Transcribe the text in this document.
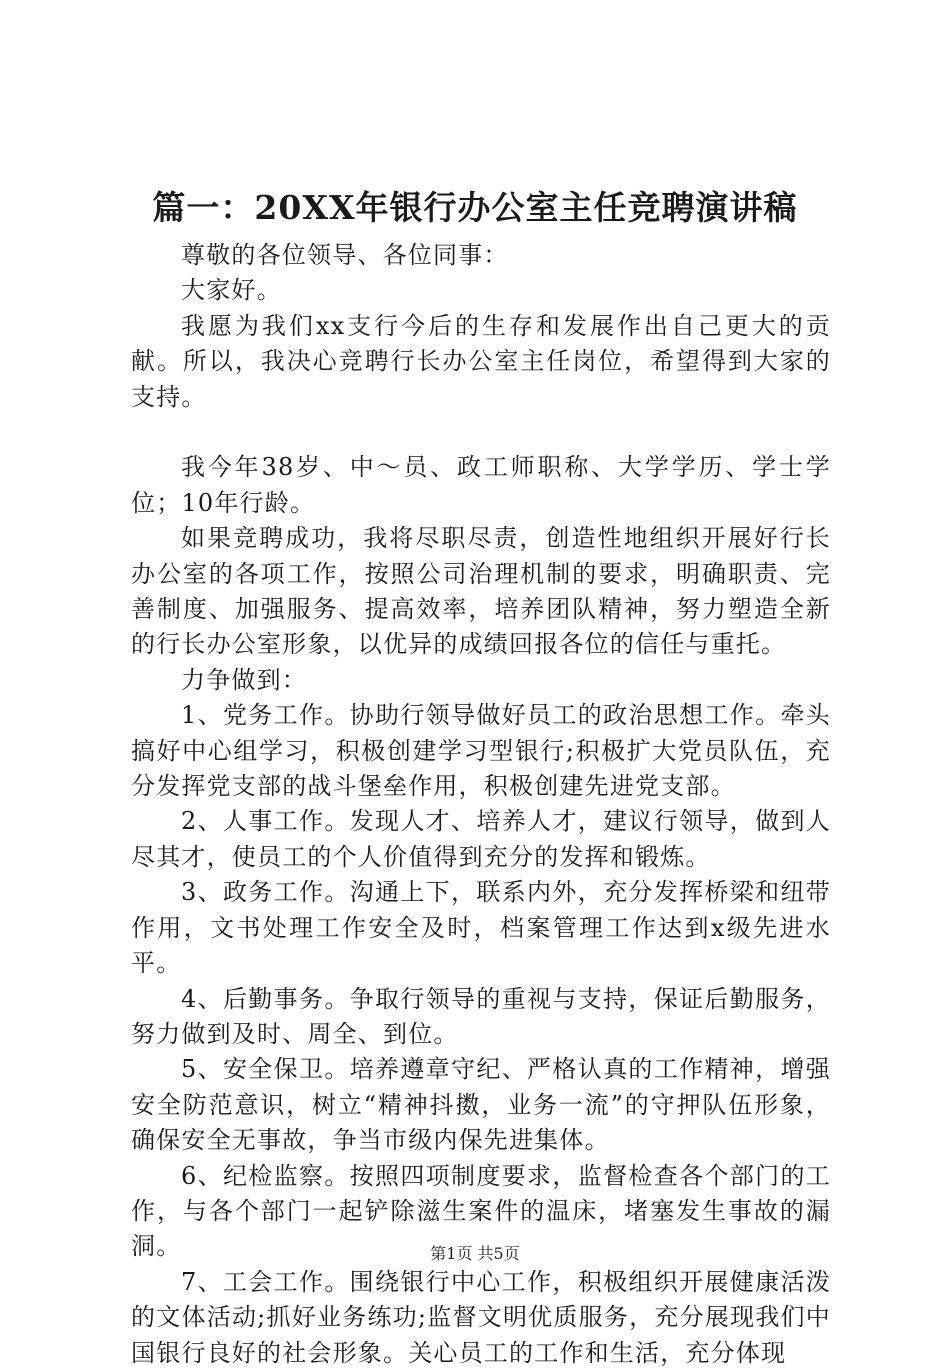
篇一：20XX年银行办公室主任竞聘演讲稿

尊敬的各位领导、各位同事：

大家好。

我愿为我们xx支行今后的生存和发展作出自己更大的贡献。所以，我决心竞聘行长办公室主任岗位，希望得到大家的支持。

我今年38岁、中～员、政工师职称、大学学历、学士学位；10年行龄。

如果竞聘成功，我将尽职尽责，创造性地组织开展好行长办公室的各项工作，按照公司治理机制的要求，明确职责、完善制度、加强服务、提高效率，培养团队精神，努力塑造全新的行长办公室形象，以优异的成绩回报各位的信任与重托。

力争做到：

1、党务工作。协助行领导做好员工的政治思想工作。牵头搞好中心组学习，积极创建学习型银行;积极扩大党员队伍，充分发挥党支部的战斗堡垒作用，积极创建先进党支部。

2、人事工作。发现人才、培养人才，建议行领导，做到人尽其才，使员工的个人价值得到充分的发挥和锻炼。

3、政务工作。沟通上下，联系内外，充分发挥桥梁和纽带作用，文书处理工作安全及时，档案管理工作达到x级先进水平。

4、后勤事务。争取行领导的重视与支持，保证后勤服务，努力做到及时、周全、到位。

5、安全保卫。培养遵章守纪、严格认真的工作精神，增强安全防范意识，树立“精神抖擞，业务一流”的守押队伍形象，确保安全无事故，争当市级内保先进集体。

6、纪检监察。按照四项制度要求，监督检查各个部门的工作，与各个部门一起铲除滋生案件的温床，堵塞发生事故的漏洞。

7、工会工作。围绕银行中心工作，积极组织开展健康活泼的文体活动;抓好业务练功;监督文明优质服务，充分展现我们中国银行良好的社会形象。关心员工的工作和生活，充分体现

第1页 共5页
